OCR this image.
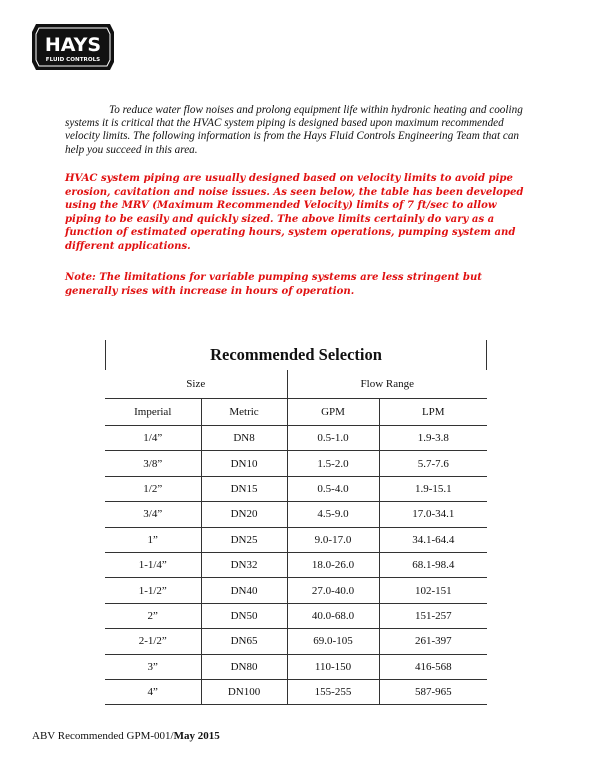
HAYS
FLUID CONTROLS

To reduce water flow noises and prolong equipment life within hydronic heating and cooling systems it is critical that the HVAC system piping is designed based upon maximum recommended velocity limits. The following information is from the Hays Fluid Controls Engineering Team that can help you succeed in this area.

HVAC system piping are usually designed based on velocity limits to avoid pipe erosion, cavitation and noise issues. As seen below, the table has been developed using the MRV (Maximum Recommended Velocity) limits of 7 ft/sec to allow piping to be easily and quickly sized. The above limits certainly do vary as a function of estimated operating hours, system operations, pumping system and different applications.

Note: The limitations for variable pumping systems are less stringent but generally rises with increase in hours of operation.

Recommended Selection
Size		Flow Range	
Imperial	Metric	GPM	LPM
1/4”	DN8	0.5-1.0	1.9-3.8
3/8”	DN10	1.5-2.0	5.7-7.6
1/2”	DN15	0.5-4.0	1.9-15.1
3/4”	DN20	4.5-9.0	17.0-34.1
1”	DN25	9.0-17.0	34.1-64.4
1-1/4”	DN32	18.0-26.0	68.1-98.4
1-1/2”	DN40	27.0-40.0	102-151
2”	DN50	40.0-68.0	151-257
2-1/2”	DN65	69.0-105	261-397
3”	DN80	110-150	416-568
4”	DN100	155-255	587-965
ABV Recommended GPM-001/May 2015
